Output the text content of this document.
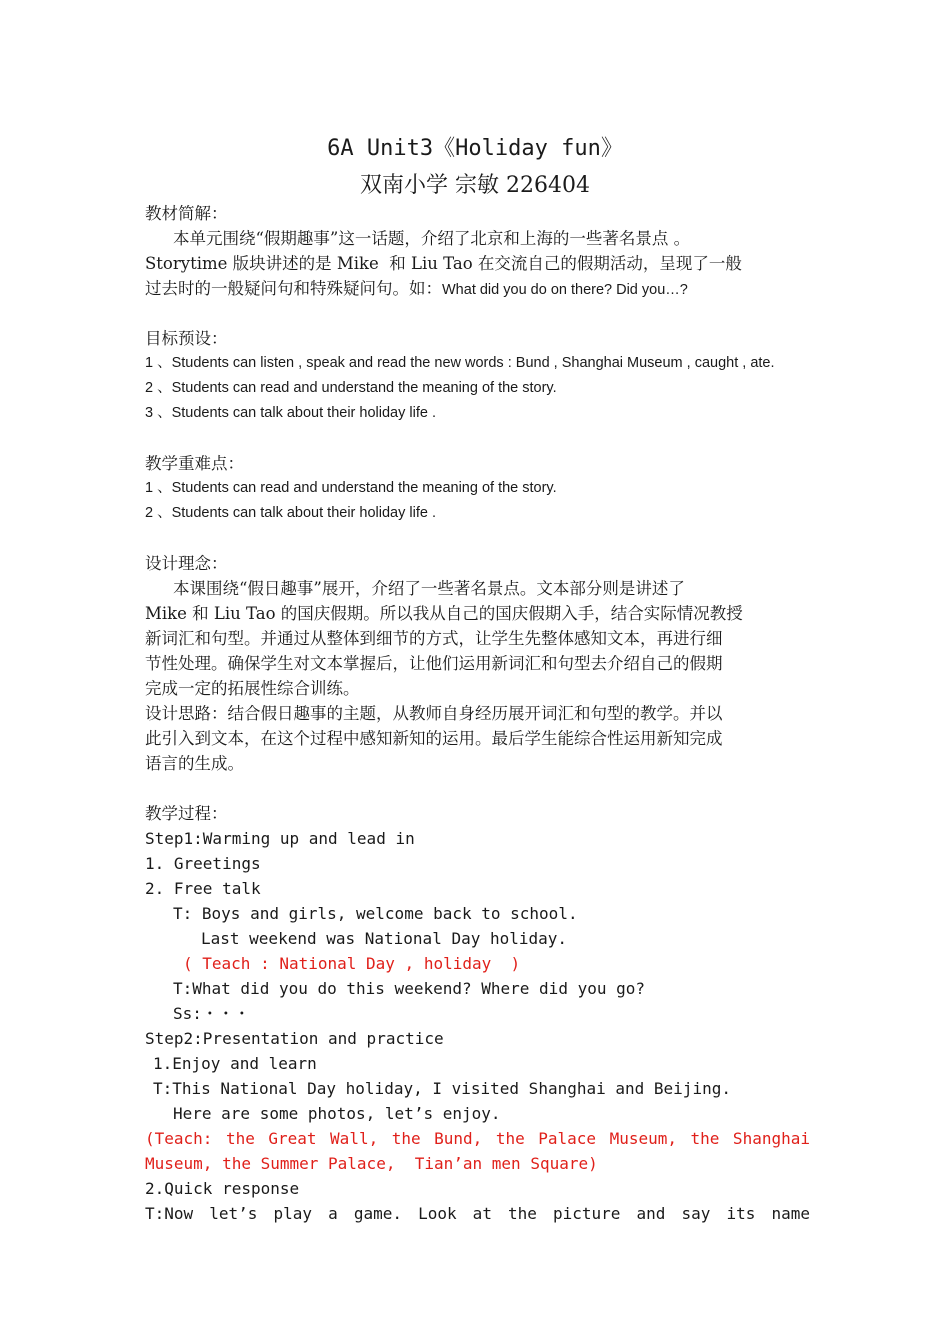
6A Unit3《Holiday fun》
双南小学 宗敏 226404
教材简解：
本单元围绕“假期趣事”这一话题，介绍了北京和上海的一些著名景点 。
Storytime 版块讲述的是 Mike  和 Liu Tao 在交流自己的假期活动，呈现了一般
过去时的一般疑问句和特殊疑问句。如：What did you do on there? Did you…?
目标预设：
1 、Students can listen , speak and read the new words : Bund , Shanghai Museum , caught , ate.
2 、Students can read and understand the meaning of the story.
3 、Students can talk about their holiday life .
教学重难点：
1 、Students can read and understand the meaning of the story.
2 、Students can talk about their holiday life .
设计理念：
本课围绕“假日趣事”展开，介绍了一些著名景点。文本部分则是讲述了
Mike 和 Liu Tao 的国庆假期。所以我从自己的国庆假期入手，结合实际情况教授
新词汇和句型。并通过从整体到细节的方式，让学生先整体感知文本，再进行细
节性处理。确保学生对文本掌握后，让他们运用新词汇和句型去介绍自己的假期
完成一定的拓展性综合训练。
设计思路：结合假日趣事的主题，从教师自身经历展开词汇和句型的教学。并以
此引入到文本，在这个过程中感知新知的运用。最后学生能综合性运用新知完成
语言的生成。
教学过程：
Step1:Warming up and lead in
1. Greetings
2. Free talk
T: Boys and girls, welcome back to school.
Last weekend was National Day holiday.
( Teach : National Day , holiday  )
T:What did you do this weekend? Where did you go?
Ss:・・・
Step2:Presentation and practice
1.Enjoy and learn
T:This National Day holiday, I visited Shanghai and Beijing.
Here are some photos, let’s enjoy.
(Teach: the Great Wall, the Bund, the Palace Museum, the Shanghai
Museum, the Summer Palace,  Tian’an men Square)
2.Quick response
T:Now let’s play a game. Look at the picture and say its name
